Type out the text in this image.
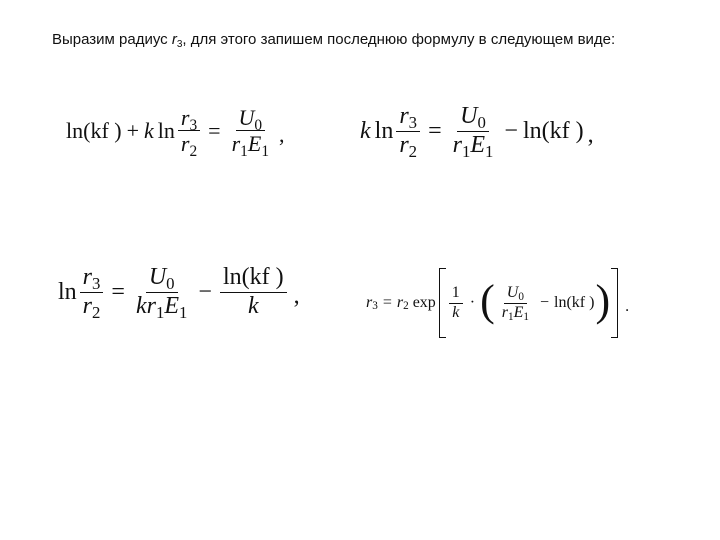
Выразим радиус $r_3$, для этого запишем последнюю формулу в следующем виде:

ln(kf ) + k $\ln \frac{r_3}{r_2} = \frac{U_0}{r_1E_1}$ ,	k $\ln \frac{r_3}{r_2} = \frac{U_0}{r_1E_1} - \ln(kf$ ) ,
$\ln \frac{r_3}{r_2} = \frac{U_0}{kr_1E_1} - \frac{\ln(kf )}{k}$ ,	r 3 = r 2 $\exp \frac{1}{k}$ · ( $\frac{U_0}{r_1E_1} - \ln(kf$ ) ) .
